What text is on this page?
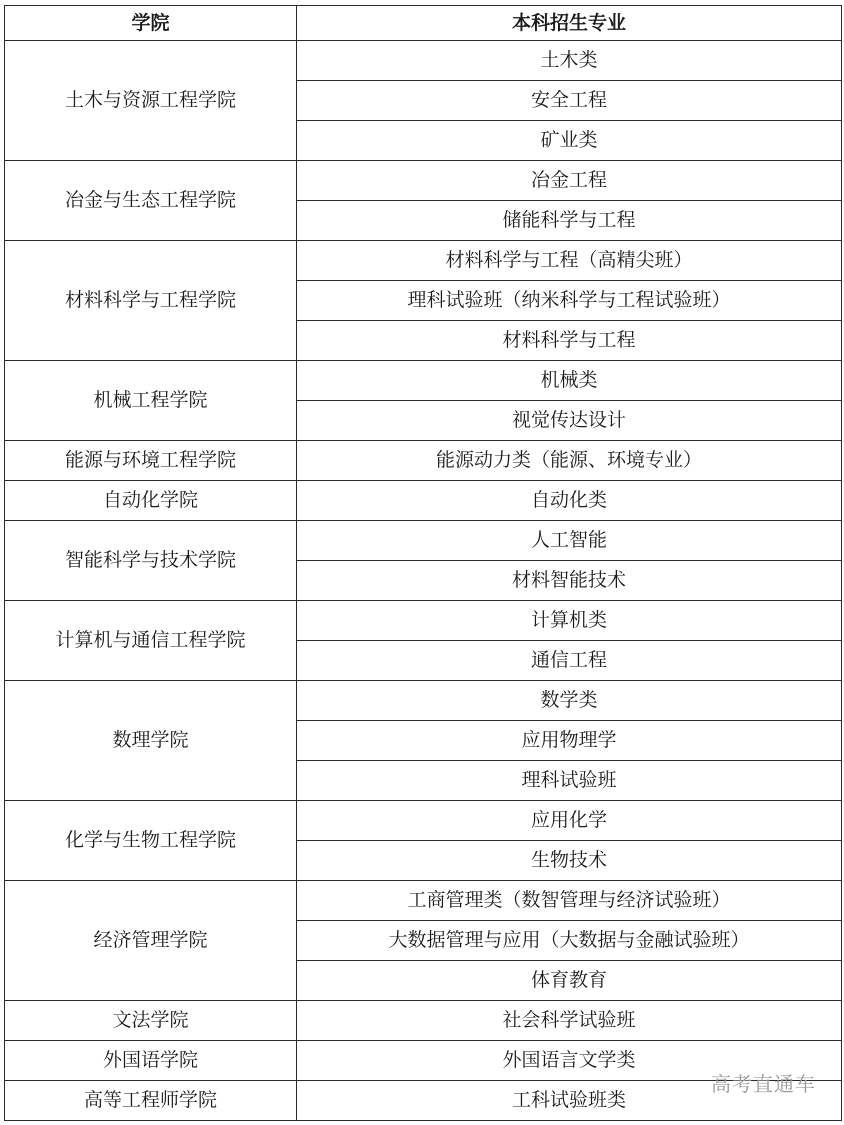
学院	本科招生专业
土木与资源工程学院	土木类
	安全工程
	矿业类
冶金与生态工程学院	冶金工程
	储能科学与工程
材料科学与工程学院	材料科学与工程（高精尖班）
	理科试验班（纳米科学与工程试验班）
	材料科学与工程
机械工程学院	机械类
	视觉传达设计
能源与环境工程学院	能源动力类（能源、环境专业）
自动化学院	自动化类
智能科学与技术学院	人工智能
	材料智能技术
计算机与通信工程学院	计算机类
	通信工程
数理学院	数学类
	应用物理学
	理科试验班
化学与生物工程学院	应用化学
	生物技术
经济管理学院	工商管理类（数智管理与经济试验班）
	大数据管理与应用（大数据与金融试验班）
	体育教育
文法学院	社会科学试验班
外国语学院	外国语言文学类
高等工程师学院	工科试验班类
高考直通车
